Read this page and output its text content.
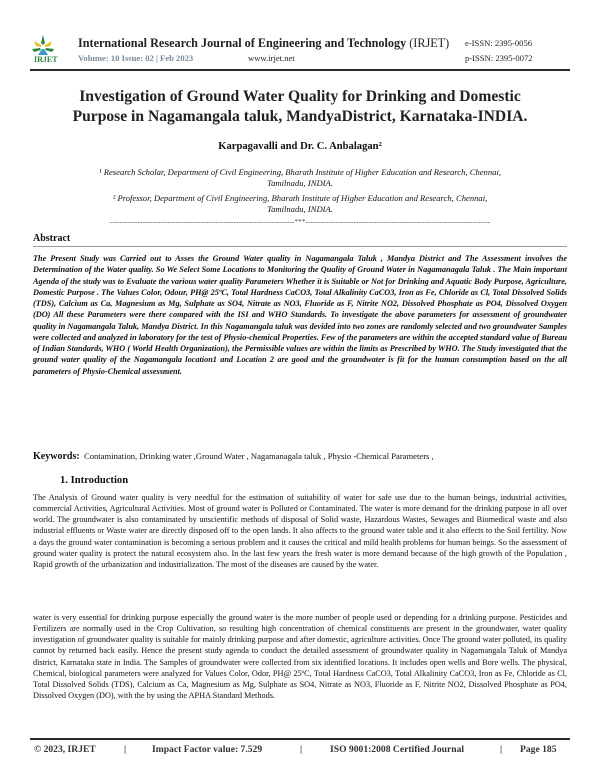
IRJET
International Research Journal of Engineering and Technology (IRJET)
Volume: 10 Issue: 02 | Feb 2023	www.irjet.net
e-ISSN: 2395-0056
p-ISSN: 2395-0072
Investigation of Ground Water Quality for Drinking and Domestic
Purpose in Nagamangala taluk, MandyaDistrict, Karnataka-INDIA.
Karpagavalli and Dr. C. Anbalagan²
¹ Research Scholar, Department of Civil Engineering, Bharath Institute of Higher Education and Research, Chennai,
Tamilnadu, INDIA.
² Professor, Department of Civil Engineering, Bharath Institute of Higher Education and Research, Chennai,
Tamilnadu, INDIA.
-------------------------------------------------------------------------***-------------------------------------------------------------------------
Abstract
The Present Study was Carried out to Asses the Ground Water quality in Nagamangala Taluk , Mandya District and The Assessment involves the Determination of the Water quality. So We Select Some Locations to Monitoring the Quality of Ground Water in Nagamanagala Taluk . The Main important Agenda of the study was to Evaluate the various water quality Parameters Whether it is Suitable or Not for Drinking and Aquatic Body Purpose, Agriculture, Domestic Purpose . The Values Color, Odour, PH@ 25ºC, Total Hardness CaCO3, Total Alkalinity CaCO3, Iron as Fe, Chloride as Cl, Total Dissolved Solids (TDS), Calcium as Ca, Magnesium as Mg, Sulphate as SO4, Nitrate as NO3, Fluoride as F, Nitrite NO2, Dissolved Phosphate as PO4, Dissolved Oxygen (DO) All these Parameters were there compared with the ISI and WHO Standards. To investigate the above parameters for assessment of groundwater quality in Nagamangala Taluk, Mandya District. In this Nagamangala taluk was devided into two zones are randomly selected and two groundwater Samples were collected and analyzed in laboratory for the test of Physio-chemical Properties. Few of the parameters are within the accepted standard value of Bureau of Indian Standards, WHO ( World Health Organization), the Permissible values are within the limits as Prescribed by WHO. The Study investigated that the ground water quality of the Nagamangala location1 and Location 2 are good and the groundwater is fit for the human consumption based on the all parameters of Physio-Chemical assessment.
Keywords: Contamination, Drinking water ,Ground Water , Nagamanagala taluk , Physio -Chemical Parameters ,
1. Introduction
The Analysis of Ground water quality is very needful for the estimation of suitability of water for safe use due to the human beings, industrial activities, commercial Activities, Agricultural Activities. Most of ground water is Polluted or Contaminated. The water is more demand for the drinking purpose in all over world. The groundwater is also contaminated by unscientific methods of disposal of Solid waste, Hazardous Wastes, Sewages and Biomedical waste and also industrial effluents or Waste water are directly disposed off to the open lands. It also affects to the ground water table and it also effects to the Soil fertility. Now a days the ground water contamination is becoming a serious problem and it causes the critical and mild health problems for human beings. So the assessment of ground water quality is protect the natural ecosystem also. In the last few years the fresh water is more demand because of the high growth of the Population , Rapid growth of the urbanization and industrialization. The most of the diseases are caused by the water.
water is very essential for drinking purpose especially the ground water is the more number of people used or depending for a drinking purpose. Pesticides and Fertilizers are normally used in the Crop Cultivation, so resulting high concentration of chemical constituents are present in the groundwater, water quality investigation of groundwater quality is suitable for mainly drinking purpose and after domestic, agriculture activities. Once The ground water polluted, its quality cannot by returned back easily. Hence the present study agenda to conduct the detailed assessment of groundwater quality in Nagamangala Taluk of Mandya district, Karnataka state in India. The Samples of groundwater were collected from six identified locations. It includes open wells and Bore wells. The physical, Chemical, biological parameters were analyzed for Values Color, Odor, PH@ 25ºC, Total Hardness CaCO3, Total Alkalinity CaCO3, Iron as Fe, Chloride as Cl, Total Dissolved Solids (TDS), Calcium as Ca, Magnesium as Mg, Sulphate as SO4, Nitrate as NO3, Fluoride as F, Nitrite NO2, Dissolved Phosphate as PO4, Dissolved Oxygen (DO), with the by using the APHA Standard Methods.
© 2023, IRJET	|	Impact Factor value: 7.529	|	ISO 9001:2008 Certified Journal	| Page 185
